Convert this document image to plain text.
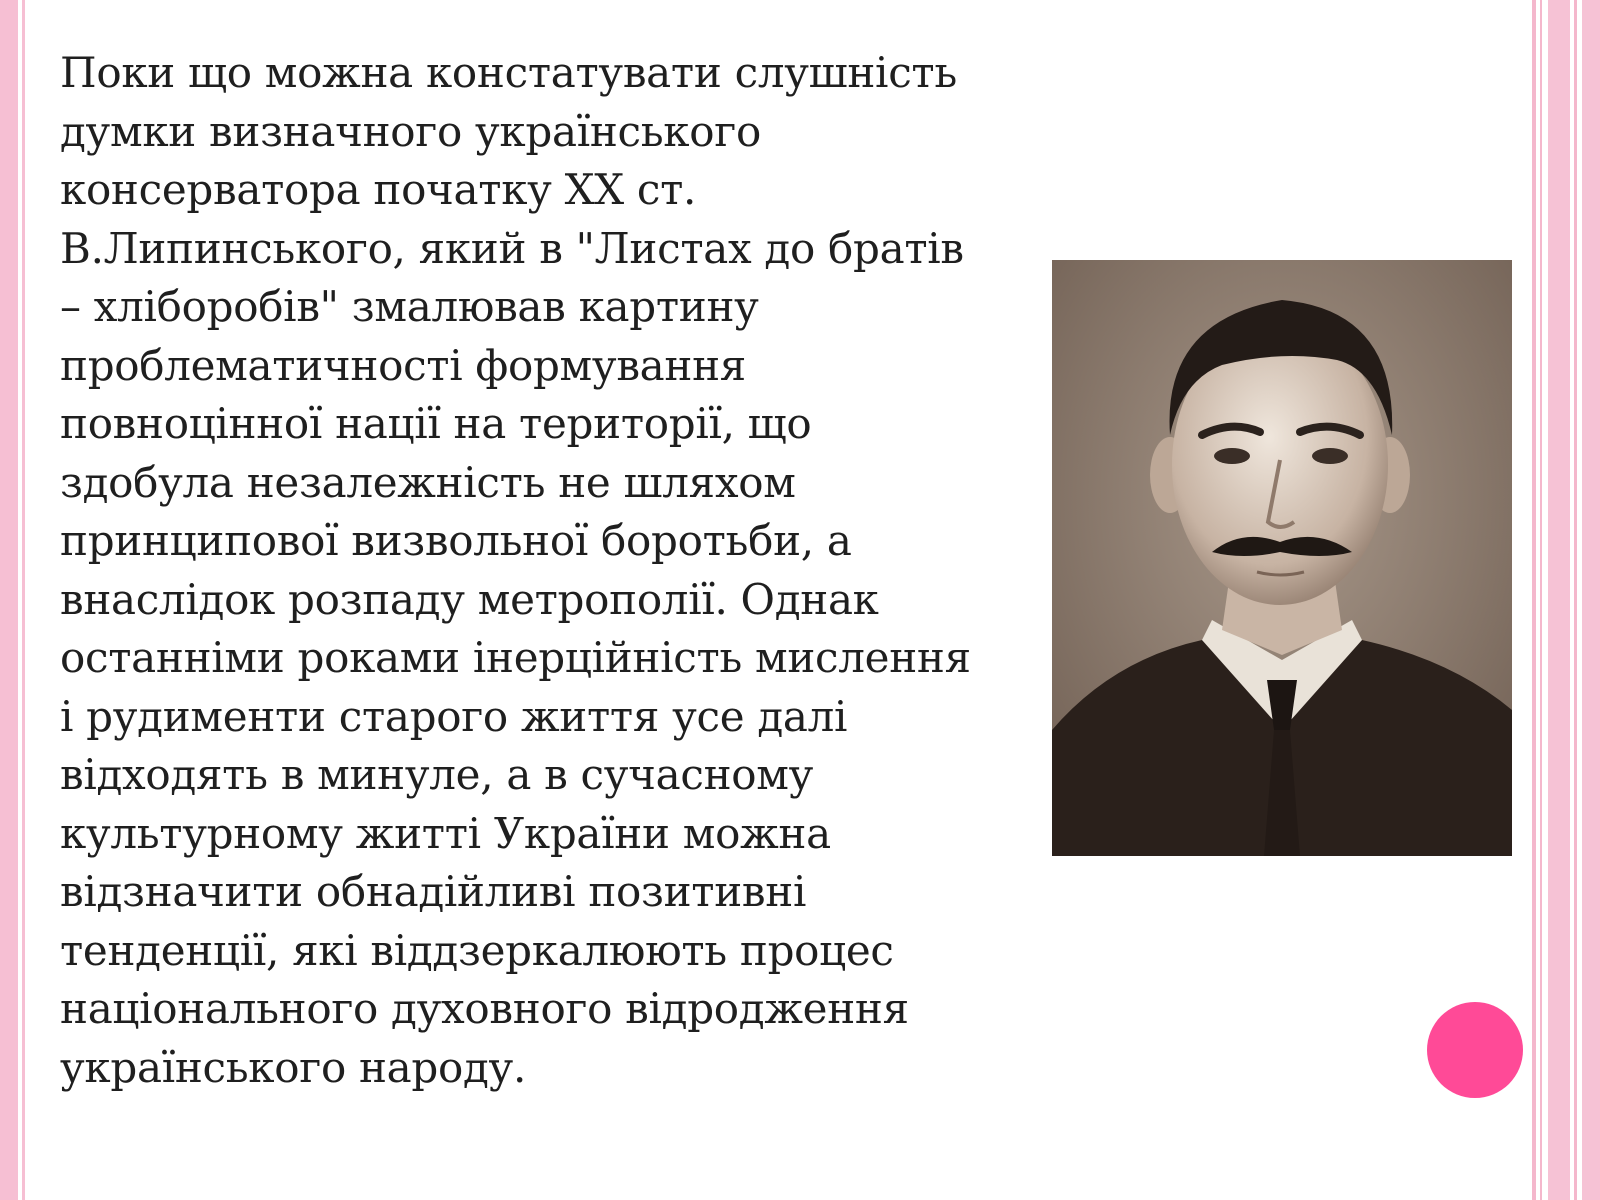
Поки що можна констатувати слушність
думки визначного українського
консерватора початку ХХ ст.
В.Липинського, який в "Листах до братів
– хліборобів" змалював картину
проблематичності формування
повноцінної нації на території, що
здобула незалежність не шляхом
принципової визвольної боротьби, а
внаслідок розпаду метрополії. Однак
останніми роками інерційність мислення
і рудименти старого життя усе далі
відходять в минуле, а в сучасному
культурному житті України можна
відзначити обнадійливі позитивні
тенденції, які віддзеркалюють процес
національного духовного відродження
українського народу.
